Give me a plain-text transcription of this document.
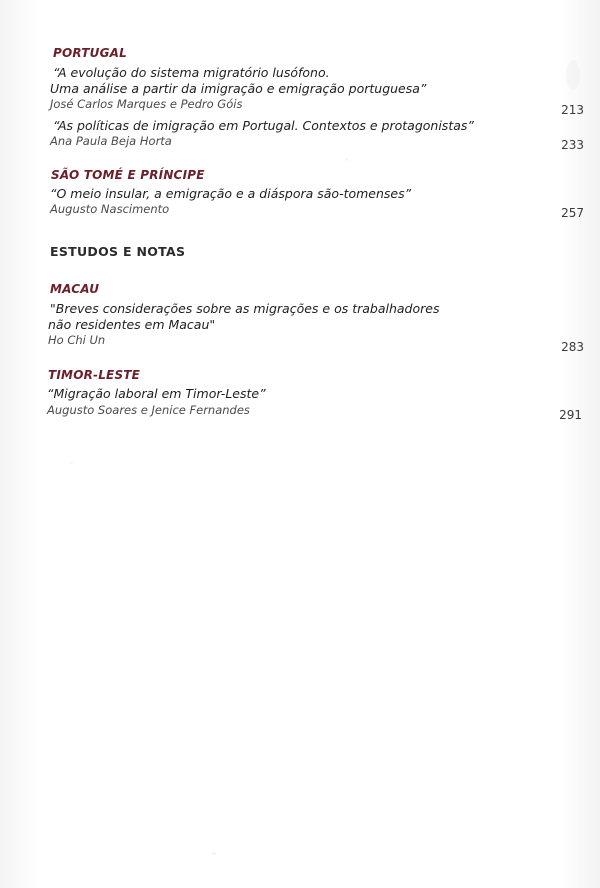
PORTUGAL
“A evolução do sistema migratório lusófono.
Uma análise a partir da imigração e emigração portuguesa”
José Carlos Marques e Pedro Góis	213
“As políticas de imigração em Portugal. Contextos e protagonistas”
Ana Paula Beja Horta	233
SÃO TOMÉ E PRÍNCIPE
“O meio insular, a emigração e a diáspora são-tomenses”
Augusto Nascimento	257
ESTUDOS E NOTAS
MACAU
"Breves considerações sobre as migrações e os trabalhadores
não residentes em Macau"
Ho Chi Un	283
TIMOR-LESTE
“Migração laboral em Timor-Leste”
Augusto Soares e Jenice Fernandes	291
